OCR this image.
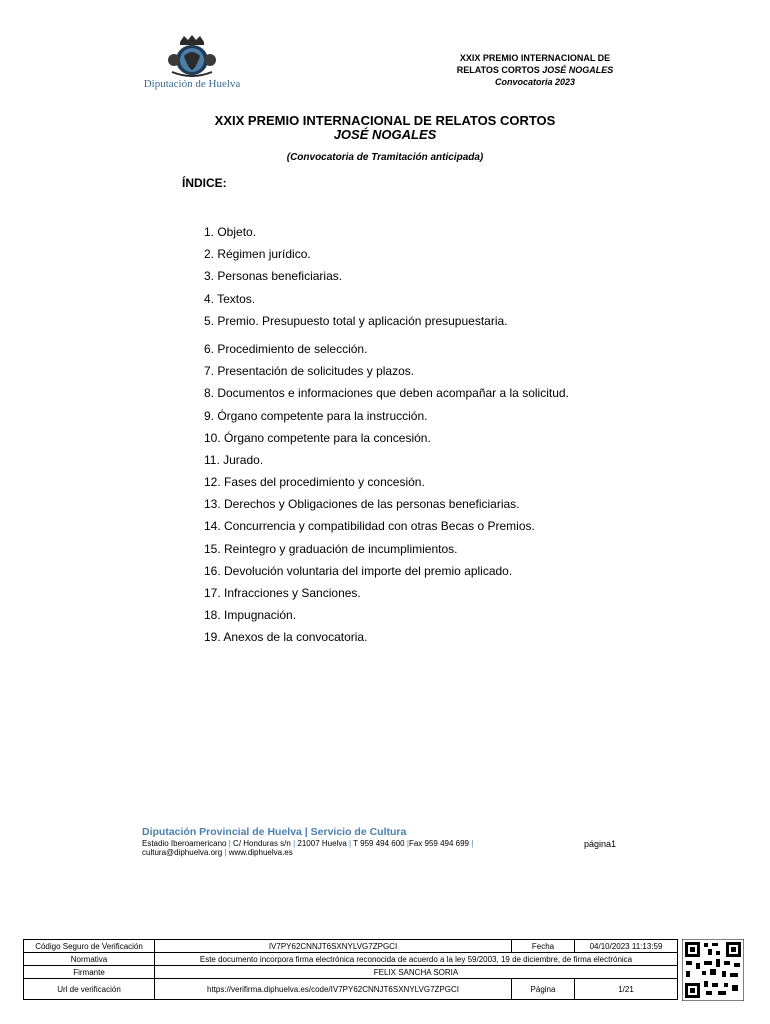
Diputación de Huelva
XXIX PREMIO INTERNACIONAL DE
RELATOS CORTOS JOSÉ NOGALES
Convocatoria 2023
XXIX PREMIO INTERNACIONAL DE RELATOS CORTOS
JOSÉ NOGALES
(Convocatoria de Tramitación anticipada)
ÍNDICE:
1. Objeto.
2. Régimen jurídico.
3. Personas beneficiarias.
4. Textos.
5. Premio. Presupuesto total y aplicación presupuestaria.
6. Procedimiento de selección.
7. Presentación de solicitudes y plazos.
8. Documentos e informaciones que deben acompañar a la solicitud.
9. Órgano competente para la instrucción.
10. Órgano competente para la concesión.
11. Jurado.
12. Fases del procedimiento y concesión.
13. Derechos y Obligaciones de las personas beneficiarias.
14. Concurrencia y compatibilidad con otras Becas o Premios.
15. Reintegro y graduación de incumplimientos.
16. Devolución voluntaria del importe del premio aplicado.
17. Infracciones y Sanciones.
18. Impugnación.
19. Anexos de la convocatoria.
Diputación Provincial de Huelva | Servicio de Cultura
Estadio Iberoamericano | C/ Honduras s/n | 21007 Huelva | T 959 494 600 |Fax 959 494 699 |
cultura@diphuelva.org | www.diphuelva.es
página1
Código Seguro de Verificación	IV7PY62CNNJT6SXNYLVG7ZPGCI	Fecha	04/10/2023 11:13:59
Normativa	Este documento incorpora firma electrónica reconocida de acuerdo a la ley 59/2003, 19 de diciembre, de firma electrónica		
Firmante	FELIX SANCHA SORIA		
Url de verificación	https://verifirma.diphuelva.es/code/IV7PY62CNNJT6SXNYLVG7ZPGCI	Página	1/21
